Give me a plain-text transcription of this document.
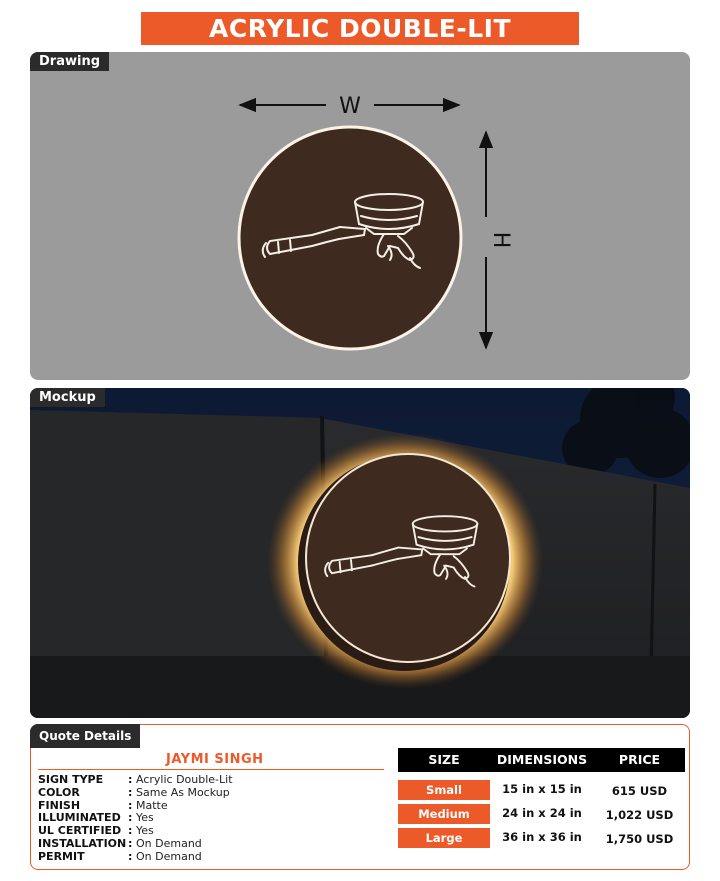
ACRYLIC DOUBLE-LIT
Drawing
W
H
Mockup
Quote Details
JAYMI SINGH
SIGN TYPE : Acrylic Double-Lit
COLOR	: Same As Mockup
FINISH	: Matte
ILLUMINATED : Yes
UL CERTIFIED : Yes
INSTALLATION : On Demand
PERMIT	: On Demand
SIZE	DIMENSIONS	PRICE
Small	15 in x 15 in	615 USD
Medium	24 in x 24 in	1,022 USD
Large	36 in x 36 in	1,750 USD
